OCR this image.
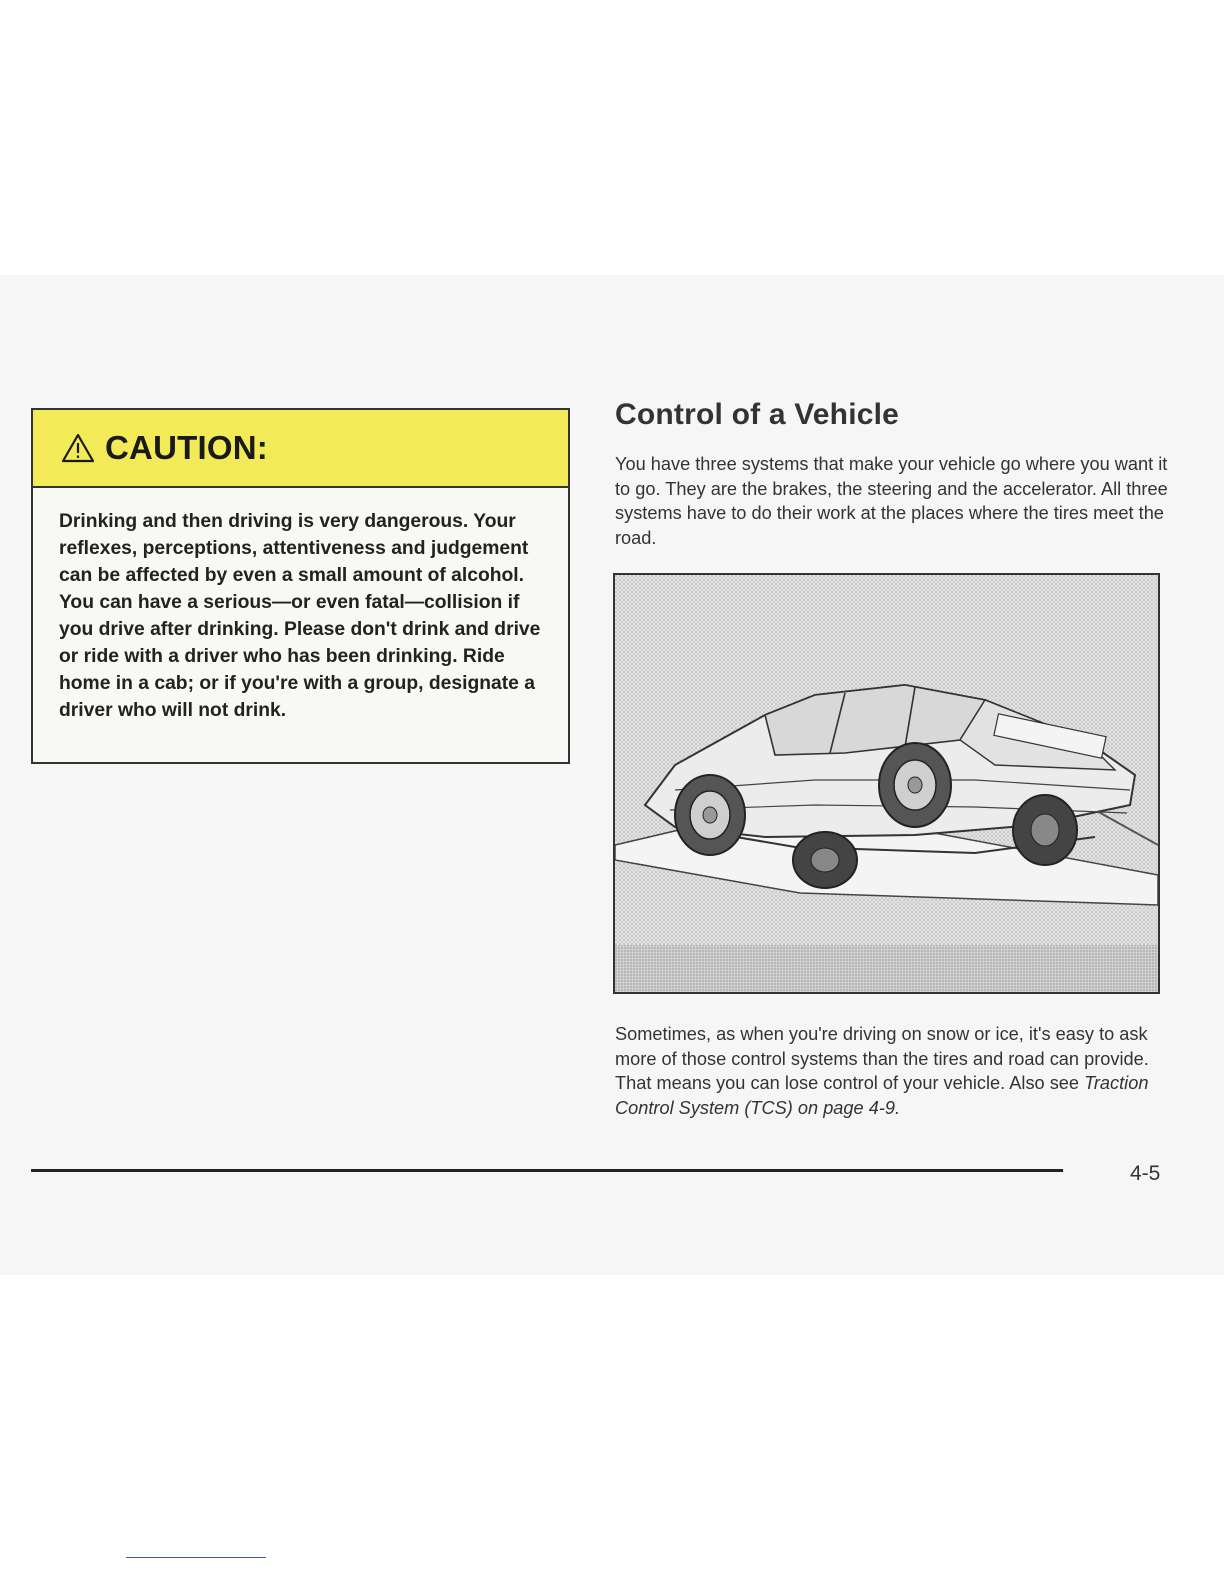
CAUTION:
Drinking and then driving is very dangerous. Your reflexes, perceptions, attentiveness and judgement can be affected by even a small amount of alcohol. You can have a serious—or even fatal—collision if you drive after drinking. Please don't drink and drive or ride with a driver who has been drinking. Ride home in a cab; or if you're with a group, designate a driver who will not drink.
Control of a Vehicle
You have three systems that make your vehicle go where you want it to go. They are the brakes, the steering and the accelerator. All three systems have to do their work at the places where the tires meet the road.
Sometimes, as when you're driving on snow or ice, it's easy to ask more of those control systems than the tires and road can provide. That means you can lose control of your vehicle. Also see Traction Control System (TCS) on page 4-9.
4-5
